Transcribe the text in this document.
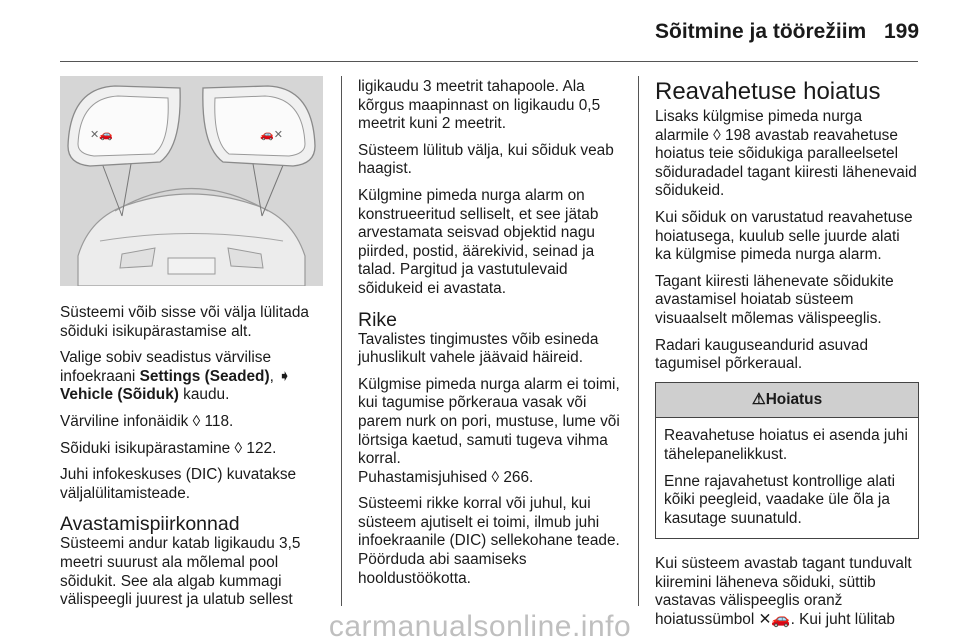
Sõitmine ja töörežiim 199
✕🚗	🚗✕

Süsteemi võib sisse või välja lülitada sõiduki isikupärastamise alt.

Valige sobiv seadistus värvilise infoekraani Settings (Seaded), ➧ Vehicle (Sõiduk) kaudu.

Värviline infonäidik ◊ 118.

Sõiduki isikupärastamine ◊ 122.

Juhi infokeskuses (DIC) kuvatakse väljalülitamisteade.

Avastamispiirkonnad

Süsteemi andur katab ligikaudu 3,5 meetri suurust ala mõlemal pool sõidukit. See ala algab kummagi välispeegli juurest ja ulatub sellest

ligikaudu 3 meetrit tahapoole. Ala kõrgus maapinnast on ligikaudu 0,5 meetrit kuni 2 meetrit.

Süsteem lülitub välja, kui sõiduk veab haagist.

Külgmine pimeda nurga alarm on konstrueeritud selliselt, et see jätab arvestamata seisvad objektid nagu piirded, postid, äärekivid, seinad ja talad. Pargitud ja vastutulevaid sõidukeid ei avastata.

Rike

Tavalistes tingimustes võib esineda juhuslikult vahele jäävaid häireid.

Külgmise pimeda nurga alarm ei toimi, kui tagumise põrkeraua vasak või parem nurk on pori, mustuse, lume või lörtsiga kaetud, samuti tugeva vihma korral.

Puhastamisjuhised ◊ 266.

Süsteemi rikke korral või juhul, kui süsteem ajutiselt ei toimi, ilmub juhi infoekraanile (DIC) sellekohane teade. Pöörduda abi saamiseks hooldustöökotta.

Reavahetuse hoiatus

Lisaks külgmise pimeda nurga alarmile ◊ 198 avastab reavahetuse hoiatus teie sõidukiga paralleelsetel sõiduradadel tagant kiiresti lähenevaid sõidukeid.

Kui sõiduk on varustatud reavahetuse hoiatusega, kuulub selle juurde alati ka külgmise pimeda nurga alarm.

Tagant kiiresti lähenevate sõidukite avastamisel hoiatab süsteem visuaalselt mõlemas välispeeglis.

Radari kauguseandurid asuvad tagumisel põrkeraual.

⚠Hoiatus

Reavahetuse hoiatus ei asenda juhi tähelepanelikkust.

Enne rajavahetust kontrollige alati kõiki peegleid, vaadake üle õla ja kasutage suunatuld.

Kui süsteem avastab tagant tunduvalt kiiremini läheneva sõiduki, süttib vastavas välispeeglis oranž hoiatussümbol ✕🚗. Kui juht lülitab

carmanualsonline.info
